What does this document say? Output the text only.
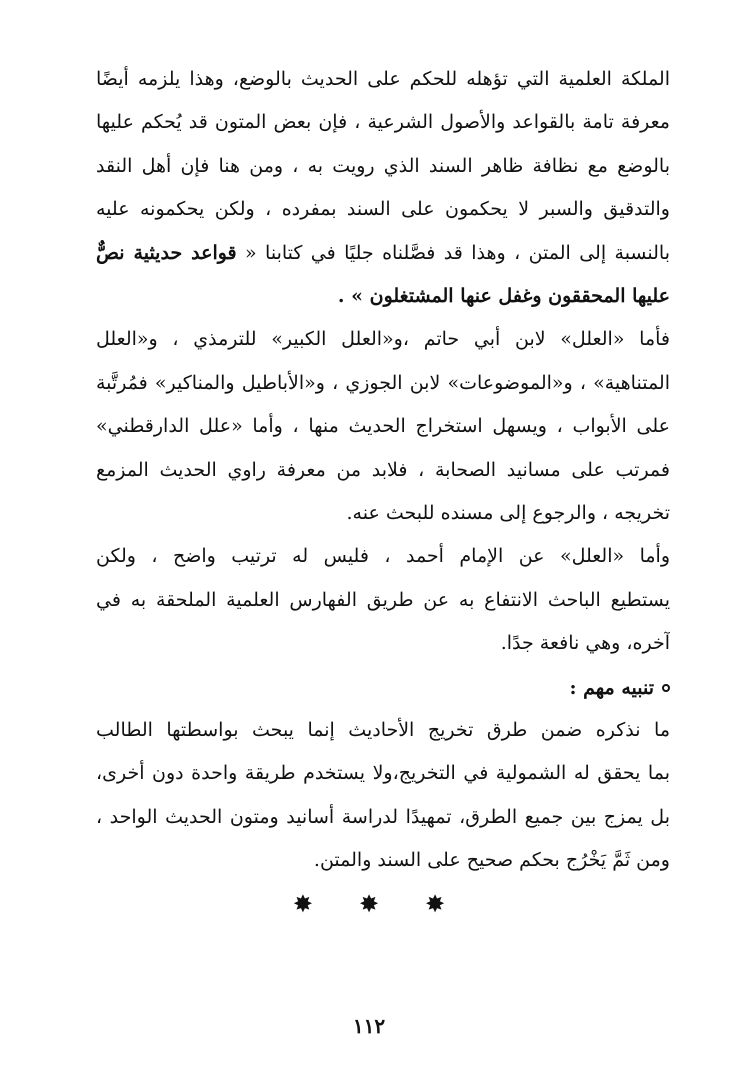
الملكة العلمية التي تؤهله للحكم على الحديث بالوضع، وهذا يلزمه أيضًا
معرفة تامة بالقواعد والأصول الشرعية ، فإن بعض المتون قد يُحكم عليها
بالوضع مع نظافة ظاهر السند الذي رويت به ، ومن هنا فإن أهل النقد
والتدقيق والسبر لا يحكمون على السند بمفرده ، ولكن يحكمونه عليه
بالنسبة إلى المتن ، وهذا قد فصَّلناه جليًا في كتابنا « قواعد حديثية نصٌّ
عليها المحققون وغفل عنها المشتغلون » .
فأما «العلل» لابن أبي حاتم ،و«العلل الكبير» للترمذي ، و«العلل
المتناهية» ، و«الموضوعات» لابن الجوزي ، و«الأباطيل والمناكير» فمُرتَّبة
على الأبواب ، ويسهل استخراج الحديث منها ، وأما «علل الدارقطني»
فمرتب على مسانيد الصحابة ، فلابد من معرفة راوي الحديث المزمع
تخريجه ، والرجوع إلى مسنده للبحث عنه.
وأما «العلل» عن الإمام أحمد ، فليس له ترتيب واضح ، ولكن
يستطيع الباحث الانتفاع به عن طريق الفهارس العلمية الملحقة به في
آخره، وهي نافعة جدًا.
تنبيه مهم :
ما نذكره ضمن طرق تخريج الأحاديث إنما يبحث بواسطتها الطالب
بما يحقق له الشمولية في التخريج،ولا يستخدم طريقة واحدة دون أخرى،
بل يمزج بين جميع الطرق، تمهيدًا لدراسة أسانيد ومتون الحديث الواحد ،
ومن ثَمَّ يَخْرُج بحكم صحيح على السند والمتن.
✸ ✸ ✸
١١٢
